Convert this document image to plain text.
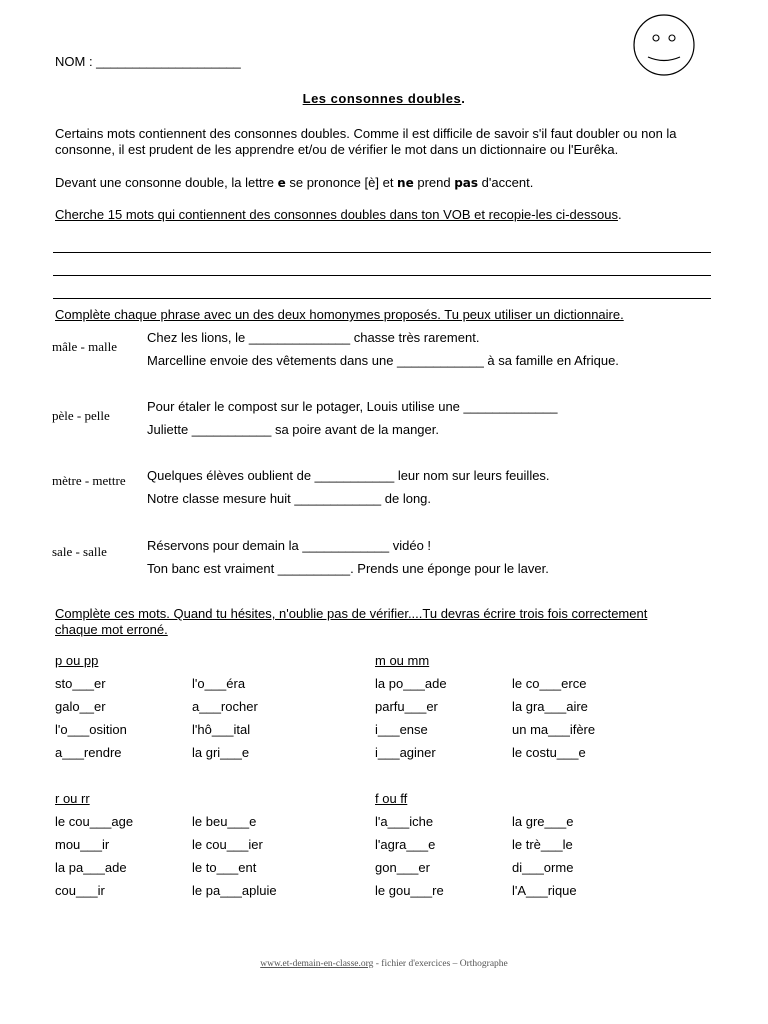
NOM : ____________________
Les consonnes doubles.
Certains mots contiennent des consonnes doubles. Comme il est difficile de savoir s'il faut doubler ou non la consonne, il est prudent de les apprendre et/ou de vérifier le mot dans un dictionnaire ou l'Eurêka.
Devant une consonne double, la lettre e se prononce [è] et ne prend pas d'accent.
Cherche 15 mots qui contiennent des consonnes doubles dans ton VOB et recopie-les ci-dessous.
Complète chaque phrase avec un des deux homonymes proposés. Tu peux utiliser un dictionnaire.
mâle - malle
Chez les lions, le ______________ chasse très rarement.
Marcelline envoie des vêtements dans une ____________ à sa famille en Afrique.
pèle - pelle
Pour étaler le compost sur le potager, Louis utilise une _____________
Juliette ___________ sa poire avant de la manger.
mètre - mettre Quelques élèves oublient de ___________ leur nom sur leurs feuilles.
Notre classe mesure huit ____________ de long.
sale - salle	Réservons pour demain la ____________ vidéo !
Ton banc est vraiment __________. Prends une éponge pour le laver.
Complète ces mots. Quand tu hésites, n'oublie pas de vérifier....Tu devras écrire trois fois correctement
chaque mot erroné.
p ou pp
sto___er
galo__er
l'o___osition
a___rendre
l'o___éra
a___rocher
l'hô___ital
la gri___e
m ou mm
la po___ade
parfu___er
i___ense
i___aginer
le co___erce
la gra___aire
un ma___ifère
le costu___e
r ou rr
le cou___age
mou___ir
la pa___ade
cou___ir
le beu___e
le cou___ier
le to___ent
le pa___apluie
f ou ff
l'a___iche
l'agra___e
gon___er
le gou___re
la gre___e
le trè___le
di___orme
l'A___rique
www.et-demain-en-classe.org - fichier d'exercices – Orthographe
